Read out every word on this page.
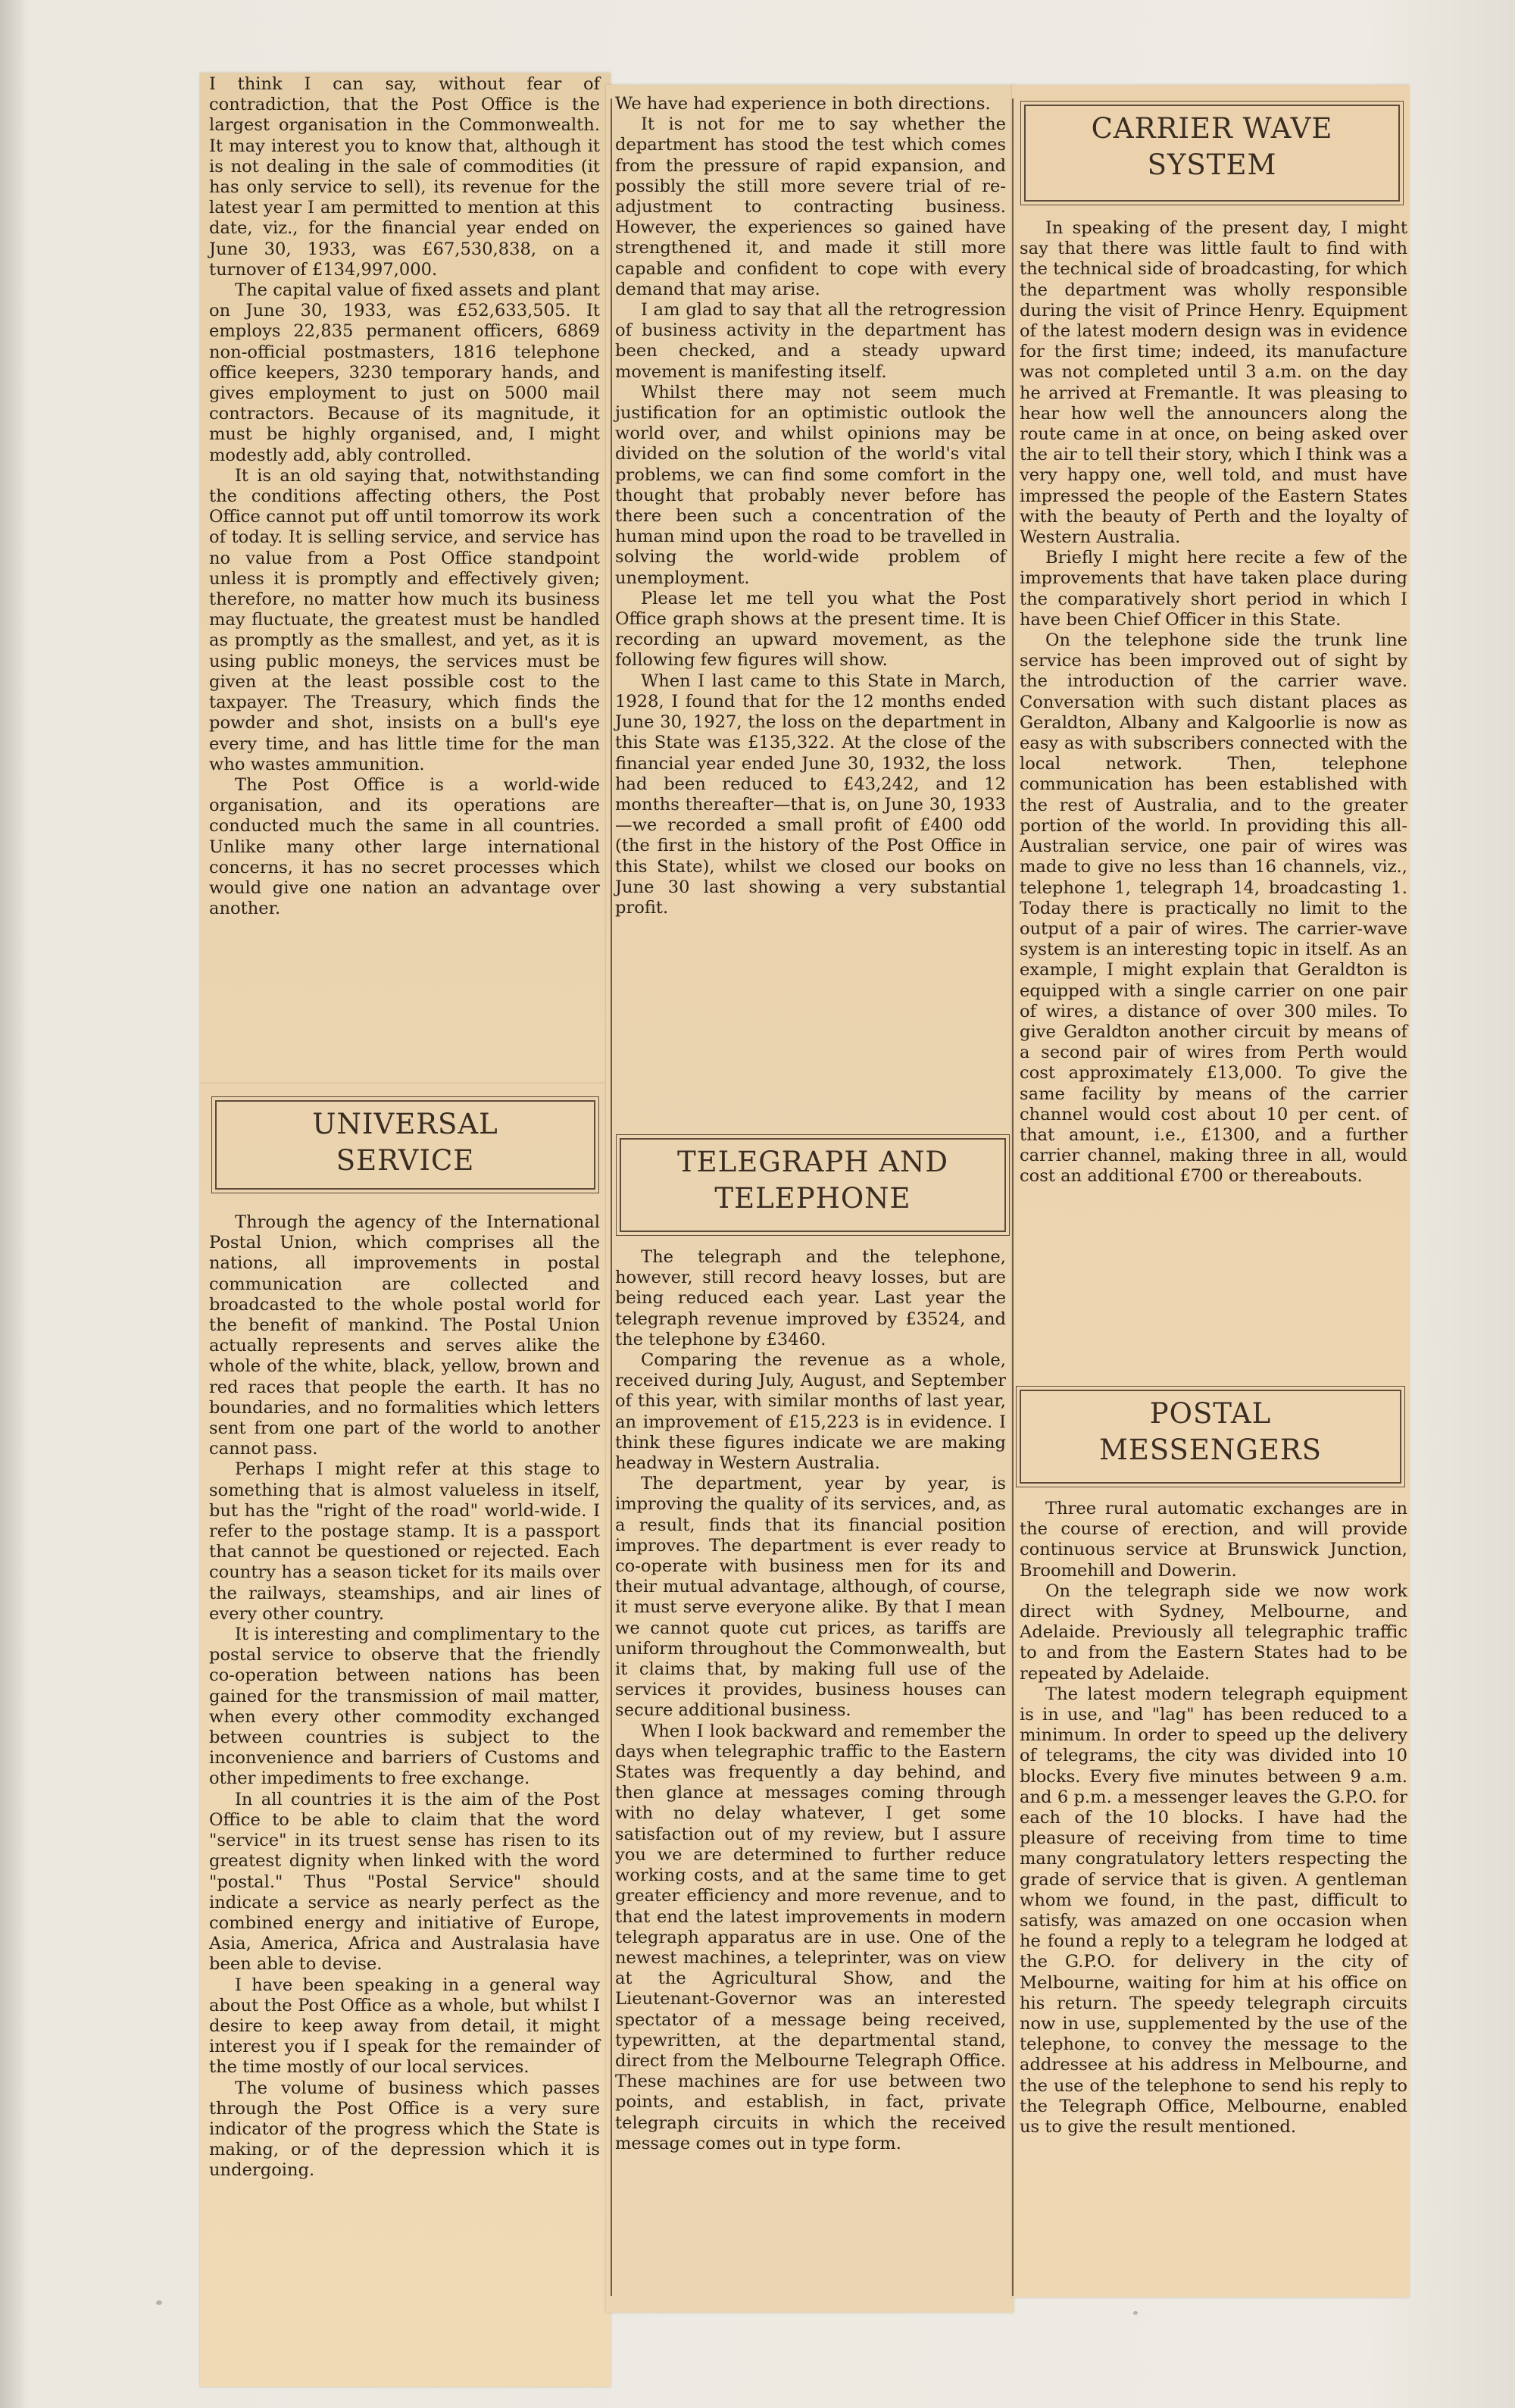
I think I can say, without fear of contradiction, that the Post Office is the largest organisation in the Commonwealth. It may interest you to know that, although it is not dealing in the sale of commodities (it has only service to sell), its revenue for the latest year I am permitted to mention at this date, viz., for the financial year ended on June 30, 1933, was £67,530,838, on a turnover of £134,997,000.

The capital value of fixed assets and plant on June 30, 1933, was £52,633,505. It employs 22,835 permanent officers, 6869 non-official postmasters, 1816 telephone office keepers, 3230 temporary hands, and gives employment to just on 5000 mail contractors. Because of its magnitude, it must be highly organised, and, I might modestly add, ably controlled.

It is an old saying that, notwithstanding the conditions affecting others, the Post Office cannot put off until tomorrow its work of today. It is selling service, and service has no value from a Post Office standpoint unless it is promptly and effectively given; therefore, no matter how much its business may fluctuate, the greatest must be handled as promptly as the smallest, and yet, as it is using public moneys, the services must be given at the least possible cost to the taxpayer. The Treasury, which finds the powder and shot, insists on a bull's eye every time, and has little time for the man who wastes ammunition.

The Post Office is a world-wide organisation, and its operations are conducted much the same in all countries. Unlike many other large international concerns, it has no secret processes which would give one nation an advantage over another.

UNIVERSAL
SERVICE

Through the agency of the International Postal Union, which comprises all the nations, all improvements in postal communication are collected and broadcasted to the whole postal world for the benefit of mankind. The Postal Union actually represents and serves alike the whole of the white, black, yellow, brown and red races that people the earth. It has no boundaries, and no formalities which letters sent from one part of the world to another cannot pass.

Perhaps I might refer at this stage to something that is almost valueless in itself, but has the "right of the road" world-wide. I refer to the postage stamp. It is a passport that cannot be questioned or rejected. Each country has a season ticket for its mails over the railways, steamships, and air lines of every other country.

It is interesting and complimentary to the postal service to observe that the friendly co-operation between nations has been gained for the transmission of mail matter, when every other commodity exchanged between countries is subject to the inconvenience and barriers of Customs and other impediments to free exchange.

In all countries it is the aim of the Post Office to be able to claim that the word "service" in its truest sense has risen to its greatest dignity when linked with the word "postal." Thus "Postal Service" should indicate a service as nearly perfect as the combined energy and initiative of Europe, Asia, America, Africa and Australasia have been able to devise.

I have been speaking in a general way about the Post Office as a whole, but whilst I desire to keep away from detail, it might interest you if I speak for the remainder of the time mostly of our local services.

The volume of business which passes through the Post Office is a very sure indicator of the progress which the State is making, or of the depression which it is undergoing.

We have had experience in both directions.

It is not for me to say whether the department has stood the test which comes from the pressure of rapid expansion, and possibly the still more severe trial of re-adjustment to contracting business. However, the experiences so gained have strengthened it, and made it still more capable and confident to cope with every demand that may arise.

I am glad to say that all the retrogression of business activity in the department has been checked, and a steady upward movement is manifesting itself.

Whilst there may not seem much justification for an optimistic outlook the world over, and whilst opinions may be divided on the solution of the world's vital problems, we can find some comfort in the thought that probably never before has there been such a concentration of the human mind upon the road to be travelled in solving the world-wide problem of unemployment.

Please let me tell you what the Post Office graph shows at the present time. It is recording an upward movement, as the following few figures will show.

When I last came to this State in March, 1928, I found that for the 12 months ended June 30, 1927, the loss on the department in this State was £135,322. At the close of the financial year ended June 30, 1932, the loss had been reduced to £43,242, and 12 months thereafter—that is, on June 30, 1933—we recorded a small profit of £400 odd (the first in the history of the Post Office in this State), whilst we closed our books on June 30 last showing a very substantial profit.

TELEGRAPH AND
TELEPHONE

The telegraph and the telephone, however, still record heavy losses, but are being reduced each year. Last year the telegraph revenue improved by £3524, and the telephone by £3460.

Comparing the revenue as a whole, received during July, August, and September of this year, with similar months of last year, an improvement of £15,223 is in evidence. I think these figures indicate we are making headway in Western Australia.

The department, year by year, is improving the quality of its services, and, as a result, finds that its financial position improves. The department is ever ready to co-operate with business men for its and their mutual advantage, although, of course, it must serve everyone alike. By that I mean we cannot quote cut prices, as tariffs are uniform throughout the Commonwealth, but it claims that, by making full use of the services it provides, business houses can secure additional business.

When I look backward and remember the days when telegraphic traffic to the Eastern States was frequently a day behind, and then glance at messages coming through with no delay whatever, I get some satisfaction out of my review, but I assure you we are determined to further reduce working costs, and at the same time to get greater efficiency and more revenue, and to that end the latest improvements in modern telegraph apparatus are in use. One of the newest machines, a teleprinter, was on view at the Agricultural Show, and the Lieutenant-Governor was an interested spectator of a message being received, typewritten, at the departmental stand, direct from the Melbourne Telegraph Office. These machines are for use between two points, and establish, in fact, private telegraph circuits in which the received message comes out in type form.

CARRIER WAVE
SYSTEM

In speaking of the present day, I might say that there was little fault to find with the technical side of broadcasting, for which the department was wholly responsible during the visit of Prince Henry. Equipment of the latest modern design was in evidence for the first time; indeed, its manufacture was not completed until 3 a.m. on the day he arrived at Fremantle. It was pleasing to hear how well the announcers along the route came in at once, on being asked over the air to tell their story, which I think was a very happy one, well told, and must have impressed the people of the Eastern States with the beauty of Perth and the loyalty of Western Australia.

Briefly I might here recite a few of the improvements that have taken place during the comparatively short period in which I have been Chief Officer in this State.

On the telephone side the trunk line service has been improved out of sight by the introduction of the carrier wave. Conversation with such distant places as Geraldton, Albany and Kalgoorlie is now as easy as with subscribers connected with the local network. Then, telephone communication has been established with the rest of Australia, and to the greater portion of the world. In providing this all-Australian service, one pair of wires was made to give no less than 16 channels, viz., telephone 1, telegraph 14, broadcasting 1. Today there is practically no limit to the output of a pair of wires. The carrier-wave system is an interesting topic in itself. As an example, I might explain that Geraldton is equipped with a single carrier on one pair of wires, a distance of over 300 miles. To give Geraldton another circuit by means of a second pair of wires from Perth would cost approximately £13,000. To give the same facility by means of the carrier channel would cost about 10 per cent. of that amount, i.e., £1300, and a further carrier channel, making three in all, would cost an additional £700 or thereabouts.

POSTAL
MESSENGERS

Three rural automatic exchanges are in the course of erection, and will provide continuous service at Brunswick Junction, Broomehill and Dowerin.

On the telegraph side we now work direct with Sydney, Melbourne, and Adelaide. Previously all telegraphic traffic to and from the Eastern States had to be repeated by Adelaide.

The latest modern telegraph equipment is in use, and "lag" has been reduced to a minimum. In order to speed up the delivery of telegrams, the city was divided into 10 blocks. Every five minutes between 9 a.m. and 6 p.m. a messenger leaves the G.P.O. for each of the 10 blocks. I have had the pleasure of receiving from time to time many congratulatory letters respecting the grade of service that is given. A gentleman whom we found, in the past, difficult to satisfy, was amazed on one occasion when he found a reply to a telegram he lodged at the G.P.O. for delivery in the city of Melbourne, waiting for him at his office on his return. The speedy telegraph circuits now in use, supplemented by the use of the telephone, to convey the message to the addressee at his address in Melbourne, and the use of the telephone to send his reply to the Telegraph Office, Melbourne, enabled us to give the result mentioned.
